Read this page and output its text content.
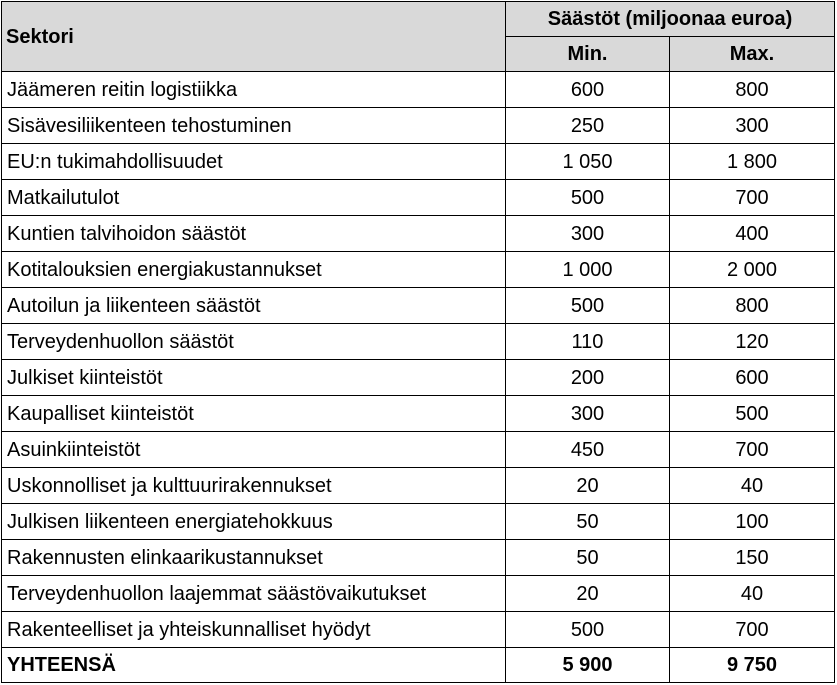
Sektori	Säästöt (miljoonaa euroa)	
	Min.	Max.
Jäämeren reitin logistiikka	600	800
Sisävesiliikenteen tehostuminen	250	300
EU:n tukimahdollisuudet	1 050	1 800
Matkailutulot	500	700
Kuntien talvihoidon säästöt	300	400
Kotitalouksien energiakustannukset	1 000	2 000
Autoilun ja liikenteen säästöt	500	800
Terveydenhuollon säästöt	110	120
Julkiset kiinteistöt	200	600
Kaupalliset kiinteistöt	300	500
Asuinkiinteistöt	450	700
Uskonnolliset ja kulttuurirakennukset	20	40
Julkisen liikenteen energiatehokkuus	50	100
Rakennusten elinkaarikustannukset	50	150
Terveydenhuollon laajemmat säästövaikutukset	20	40
Rakenteelliset ja yhteiskunnalliset hyödyt	500	700
YHTEENSÄ	5 900	9 750
